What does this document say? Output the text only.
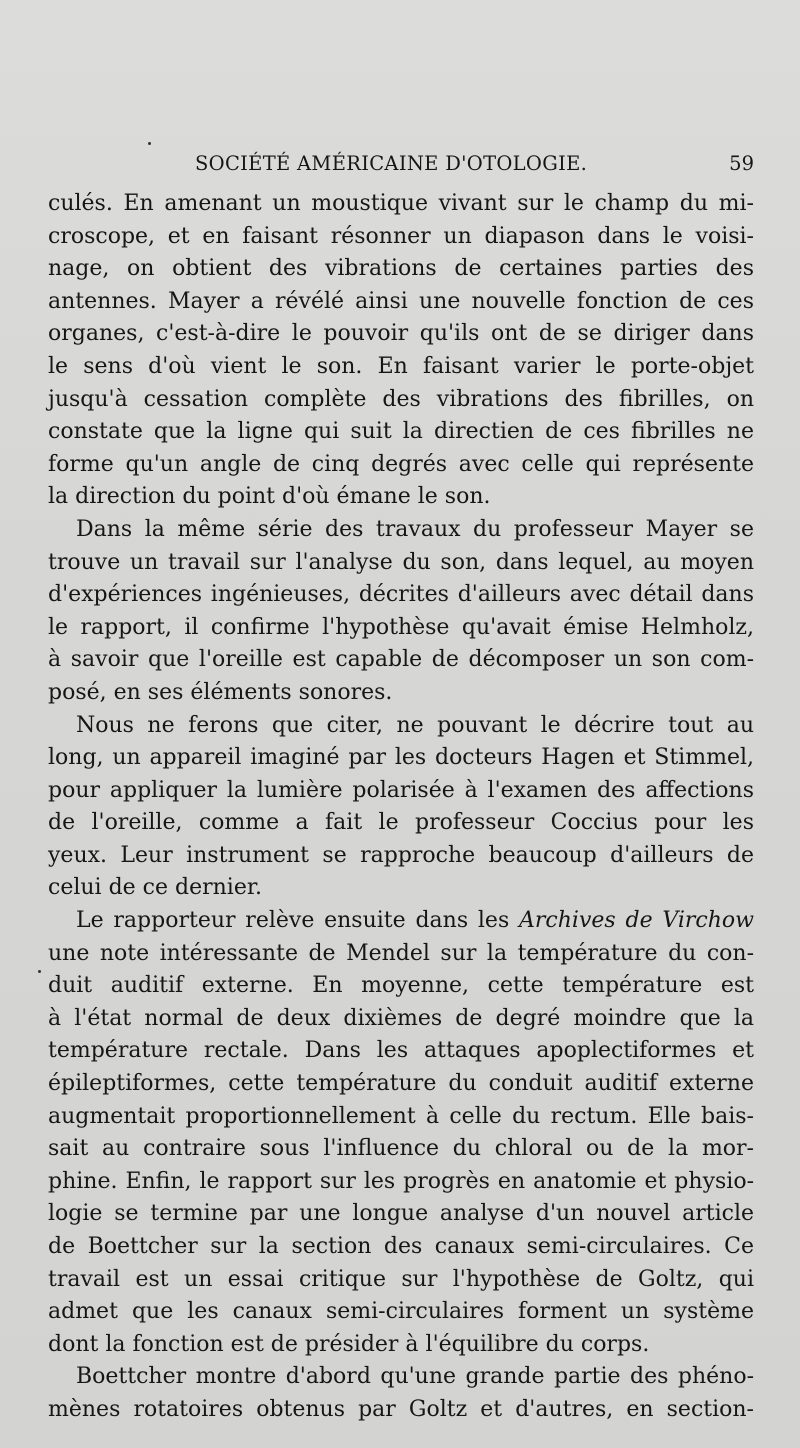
SOCIÉTÉ AMÉRICAINE D'OTOLOGIE.	59
culés. En amenant un moustique vivant sur le champ du mi-
croscope, et en faisant résonner un diapason dans le voisi-
nage, on obtient des vibrations de certaines parties des
antennes. Mayer a révélé ainsi une nouvelle fonction de ces
organes, c'est-à-dire le pouvoir qu'ils ont de se diriger dans
le sens d'où vient le son. En faisant varier le porte-objet
jusqu'à cessation complète des vibrations des fibrilles, on
constate que la ligne qui suit la directien de ces fibrilles ne
forme qu'un angle de cinq degrés avec celle qui représente
la direction du point d'où émane le son.
Dans la même série des travaux du professeur Mayer se
trouve un travail sur l'analyse du son, dans lequel, au moyen
d'expériences ingénieuses, décrites d'ailleurs avec détail dans
le rapport, il confirme l'hypothèse qu'avait émise Helmholz,
à savoir que l'oreille est capable de décomposer un son com-
posé, en ses éléments sonores.
Nous ne ferons que citer, ne pouvant le décrire tout au
long, un appareil imaginé par les docteurs Hagen et Stimmel,
pour appliquer la lumière polarisée à l'examen des affections
de l'oreille, comme a fait le professeur Coccius pour les
yeux. Leur instrument se rapproche beaucoup d'ailleurs de
celui de ce dernier.
Le rapporteur relève ensuite dans les Archives de Virchow
une note intéressante de Mendel sur la température du con-
duit auditif externe. En moyenne, cette température est
à l'état normal de deux dixièmes de degré moindre que la
température rectale. Dans les attaques apoplectiformes et
épileptiformes, cette température du conduit auditif externe
augmentait proportionnellement à celle du rectum. Elle bais-
sait au contraire sous l'influence du chloral ou de la mor-
phine. Enfin, le rapport sur les progrès en anatomie et physio-
logie se termine par une longue analyse d'un nouvel article
de Boettcher sur la section des canaux semi-circulaires. Ce
travail est un essai critique sur l'hypothèse de Goltz, qui
admet que les canaux semi-circulaires forment un système
dont la fonction est de présider à l'équilibre du corps.
Boettcher montre d'abord qu'une grande partie des phéno-
mènes rotatoires obtenus par Goltz et d'autres, en section-
